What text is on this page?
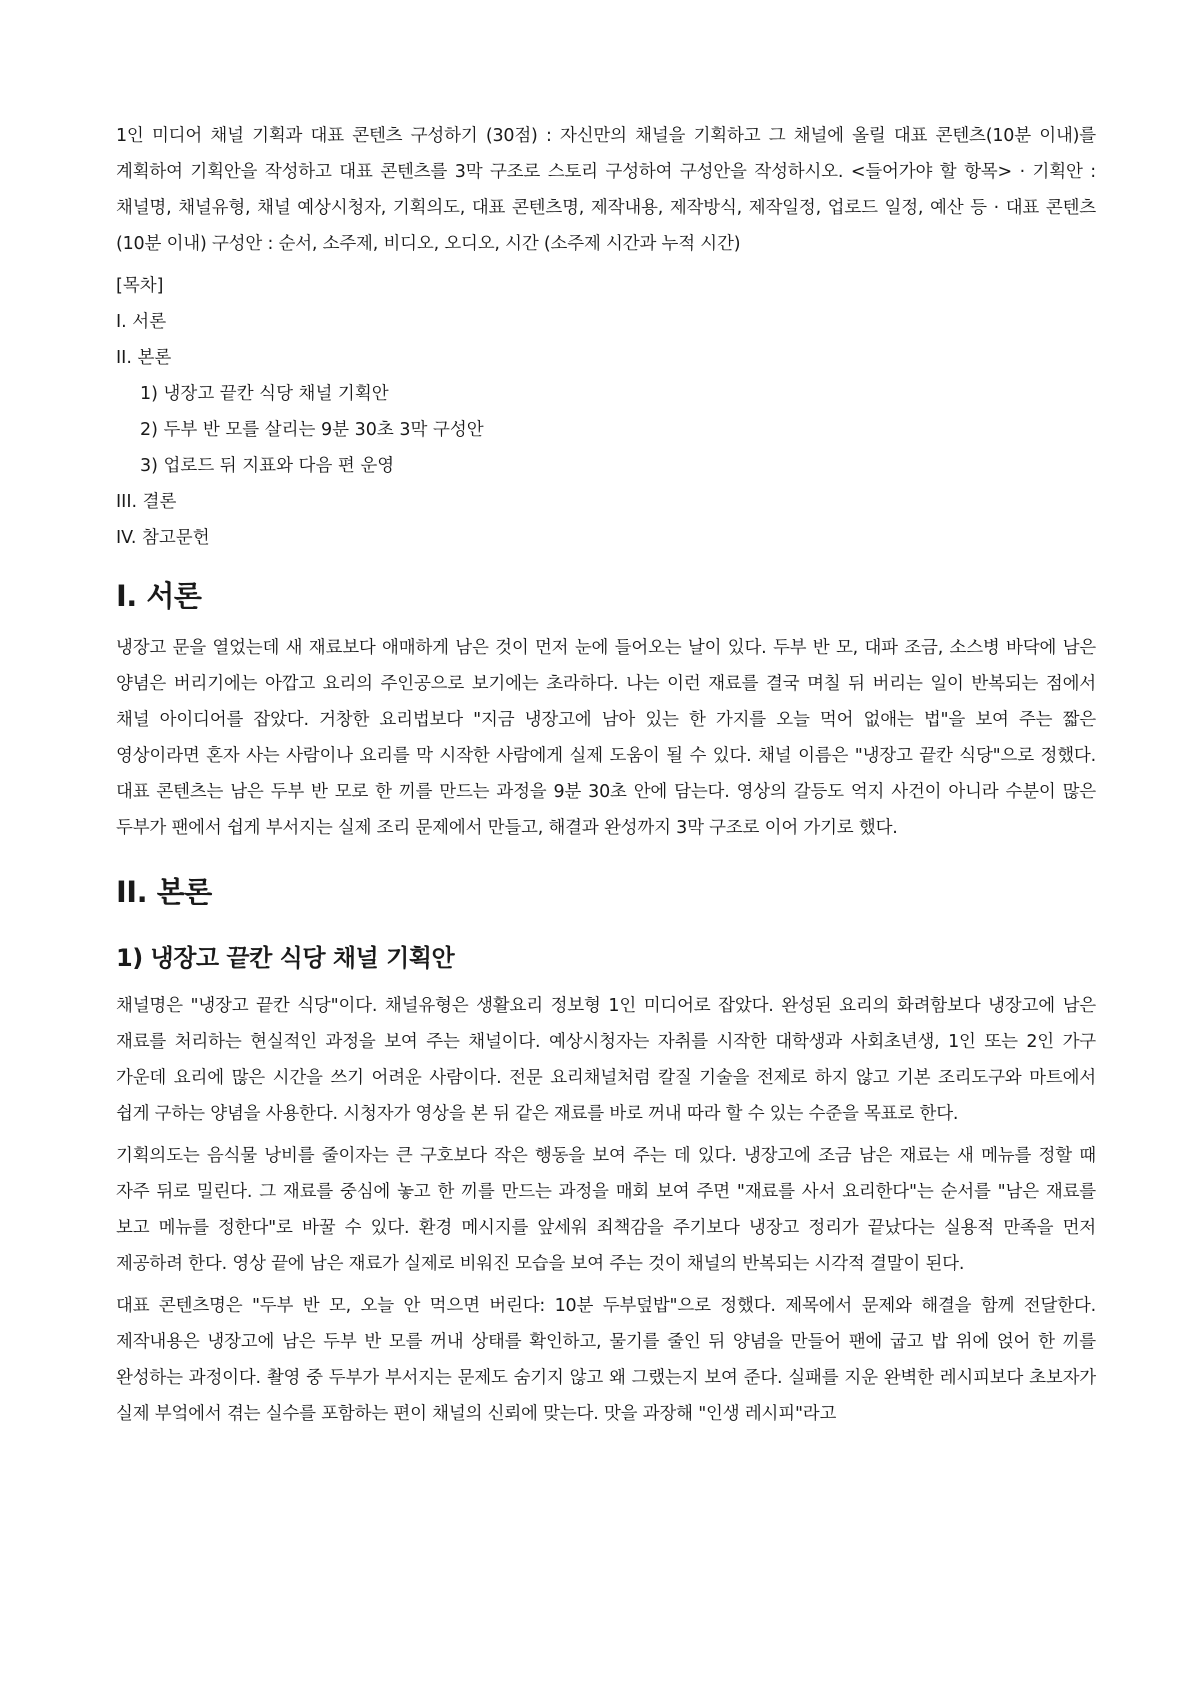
1인 미디어 채널 기획과 대표 콘텐츠 구성하기 (30점) : 자신만의 채널을 기획하고 그 채널에 올릴 대표 콘텐츠(10분 이내)를 계획하여 기획안을 작성하고 대표 콘텐츠를 3막 구조로 스토리 구성하여 구성안을 작성하시오. <들어가야 할 항목> · 기획안 : 채널명, 채널유형, 채널 예상시청자, 기획의도, 대표 콘텐츠명, 제작내용, 제작방식, 제작일정, 업로드 일정, 예산 등 · 대표 콘텐츠(10분 이내) 구성안 : 순서, 소주제, 비디오, 오디오, 시간 (소주제 시간과 누적 시간)

[목차]

I. 서론

II. 본론

1) 냉장고 끝칸 식당 채널 기획안

2) 두부 반 모를 살리는 9분 30초 3막 구성안

3) 업로드 뒤 지표와 다음 편 운영

III. 결론

IV. 참고문헌

I. 서론

냉장고 문을 열었는데 새 재료보다 애매하게 남은 것이 먼저 눈에 들어오는 날이 있다. 두부 반 모, 대파 조금, 소스병 바닥에 남은 양념은 버리기에는 아깝고 요리의 주인공으로 보기에는 초라하다. 나는 이런 재료를 결국 며칠 뒤 버리는 일이 반복되는 점에서 채널 아이디어를 잡았다. 거창한 요리법보다 "지금 냉장고에 남아 있는 한 가지를 오늘 먹어 없애는 법"을 보여 주는 짧은 영상이라면 혼자 사는 사람이나 요리를 막 시작한 사람에게 실제 도움이 될 수 있다. 채널 이름은 "냉장고 끝칸 식당"으로 정했다. 대표 콘텐츠는 남은 두부 반 모로 한 끼를 만드는 과정을 9분 30초 안에 담는다. 영상의 갈등도 억지 사건이 아니라 수분이 많은 두부가 팬에서 쉽게 부서지는 실제 조리 문제에서 만들고, 해결과 완성까지 3막 구조로 이어 가기로 했다.

II. 본론
1) 냉장고 끝칸 식당 채널 기획안

채널명은 "냉장고 끝칸 식당"이다. 채널유형은 생활요리 정보형 1인 미디어로 잡았다. 완성된 요리의 화려함보다 냉장고에 남은 재료를 처리하는 현실적인 과정을 보여 주는 채널이다. 예상시청자는 자취를 시작한 대학생과 사회초년생, 1인 또는 2인 가구 가운데 요리에 많은 시간을 쓰기 어려운 사람이다. 전문 요리채널처럼 칼질 기술을 전제로 하지 않고 기본 조리도구와 마트에서 쉽게 구하는 양념을 사용한다. 시청자가 영상을 본 뒤 같은 재료를 바로 꺼내 따라 할 수 있는 수준을 목표로 한다.

기획의도는 음식물 낭비를 줄이자는 큰 구호보다 작은 행동을 보여 주는 데 있다. 냉장고에 조금 남은 재료는 새 메뉴를 정할 때 자주 뒤로 밀린다. 그 재료를 중심에 놓고 한 끼를 만드는 과정을 매회 보여 주면 "재료를 사서 요리한다"는 순서를 "남은 재료를 보고 메뉴를 정한다"로 바꿀 수 있다. 환경 메시지를 앞세워 죄책감을 주기보다 냉장고 정리가 끝났다는 실용적 만족을 먼저 제공하려 한다. 영상 끝에 남은 재료가 실제로 비워진 모습을 보여 주는 것이 채널의 반복되는 시각적 결말이 된다.

대표 콘텐츠명은 "두부 반 모, 오늘 안 먹으면 버린다: 10분 두부덮밥"으로 정했다. 제목에서 문제와 해결을 함께 전달한다. 제작내용은 냉장고에 남은 두부 반 모를 꺼내 상태를 확인하고, 물기를 줄인 뒤 양념을 만들어 팬에 굽고 밥 위에 얹어 한 끼를 완성하는 과정이다. 촬영 중 두부가 부서지는 문제도 숨기지 않고 왜 그랬는지 보여 준다. 실패를 지운 완벽한 레시피보다 초보자가 실제 부엌에서 겪는 실수를 포함하는 편이 채널의 신뢰에 맞는다. 맛을 과장해 "인생 레시피"라고
